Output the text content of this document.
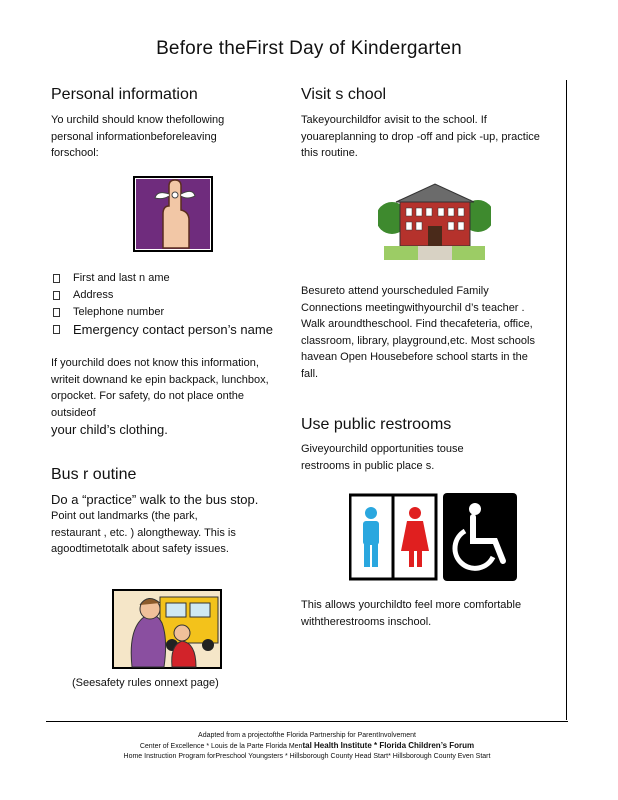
Before theFirst Day of Kindergarten
Personal information
Yo urchild should know thefollowing personal informationbeforeleaving forschool:
First and last n ame
Address
Telephone number
Emergency contact person’s name
If yourchild does not know this information, writeit downand ke epin backpack, lunchbox, orpocket. For safety, do not place onthe outsideof
your child’s clothing.
Bus r outine
Do a “practice” walk to the bus stop.
Point out landmarks (the park, restaurant , etc. ) alongtheway. This is agoodtimetotalk about safety issues.
(Seesafety rules onnext page)
Visit s chool
Takeyourchildfor avisit to the school. If youareplanning to drop -off and pick -up, practice this routine.
Besureto attend yourscheduled Family Connections meetingwithyourchil d’s teacher . Walk aroundtheschool. Find thecafeteria, office, classroom, library, playground,etc. Most schools havean Open Housebefore school starts in the fall.
Use public restrooms
Giveyourchild opportunities touse restrooms in public place s.
This allows yourchildto feel more comfortable withtherestrooms inschool.
Adapted from a projectofthe Florida Partnership for ParentInvolvement
Center of Excellence * Louis de la Parte Florida Mental Health Institute * Florida Children’s Forum
Home Instruction Program forPreschool Youngsters * Hillsborough County Head Start* Hillsborough County Even Start
